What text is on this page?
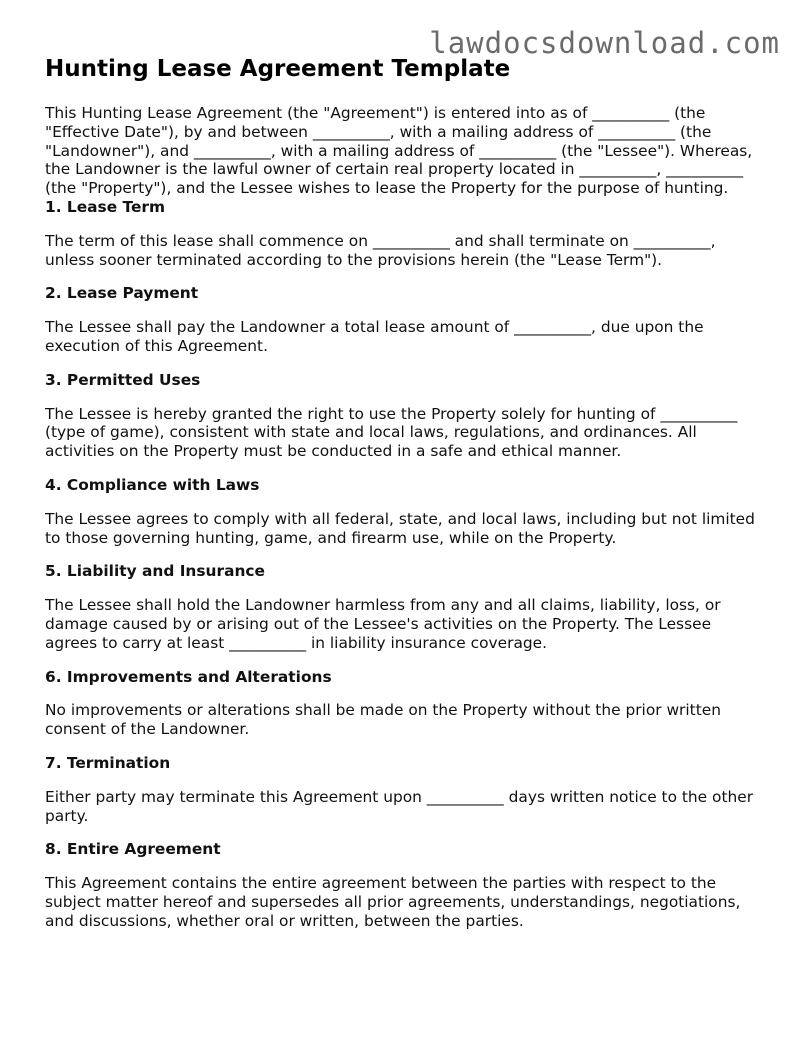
lawdocsdownload.com
Hunting Lease Agreement Template

This Hunting Lease Agreement (the "Agreement") is entered into as of __________ (the "Effective Date"), by and between __________, with a mailing address of __________ (the "Landowner"), and __________, with a mailing address of __________ (the "Lessee"). Whereas, the Landowner is the lawful owner of certain real property located in __________, __________ (the "Property"), and the Lessee wishes to lease the Property for the purpose of hunting.

1. Lease Term

The term of this lease shall commence on __________ and shall terminate on __________, unless sooner terminated according to the provisions herein (the "Lease Term").

2. Lease Payment

The Lessee shall pay the Landowner a total lease amount of __________, due upon the execution of this Agreement.

3. Permitted Uses

The Lessee is hereby granted the right to use the Property solely for hunting of __________ (type of game), consistent with state and local laws, regulations, and ordinances. All activities on the Property must be conducted in a safe and ethical manner.

4. Compliance with Laws

The Lessee agrees to comply with all federal, state, and local laws, including but not limited to those governing hunting, game, and firearm use, while on the Property.

5. Liability and Insurance

The Lessee shall hold the Landowner harmless from any and all claims, liability, loss, or damage caused by or arising out of the Lessee's activities on the Property. The Lessee agrees to carry at least __________ in liability insurance coverage.

6. Improvements and Alterations

No improvements or alterations shall be made on the Property without the prior written consent of the Landowner.

7. Termination

Either party may terminate this Agreement upon __________ days written notice to the other party.

8. Entire Agreement

This Agreement contains the entire agreement between the parties with respect to the subject matter hereof and supersedes all prior agreements, understandings, negotiations, and discussions, whether oral or written, between the parties.
